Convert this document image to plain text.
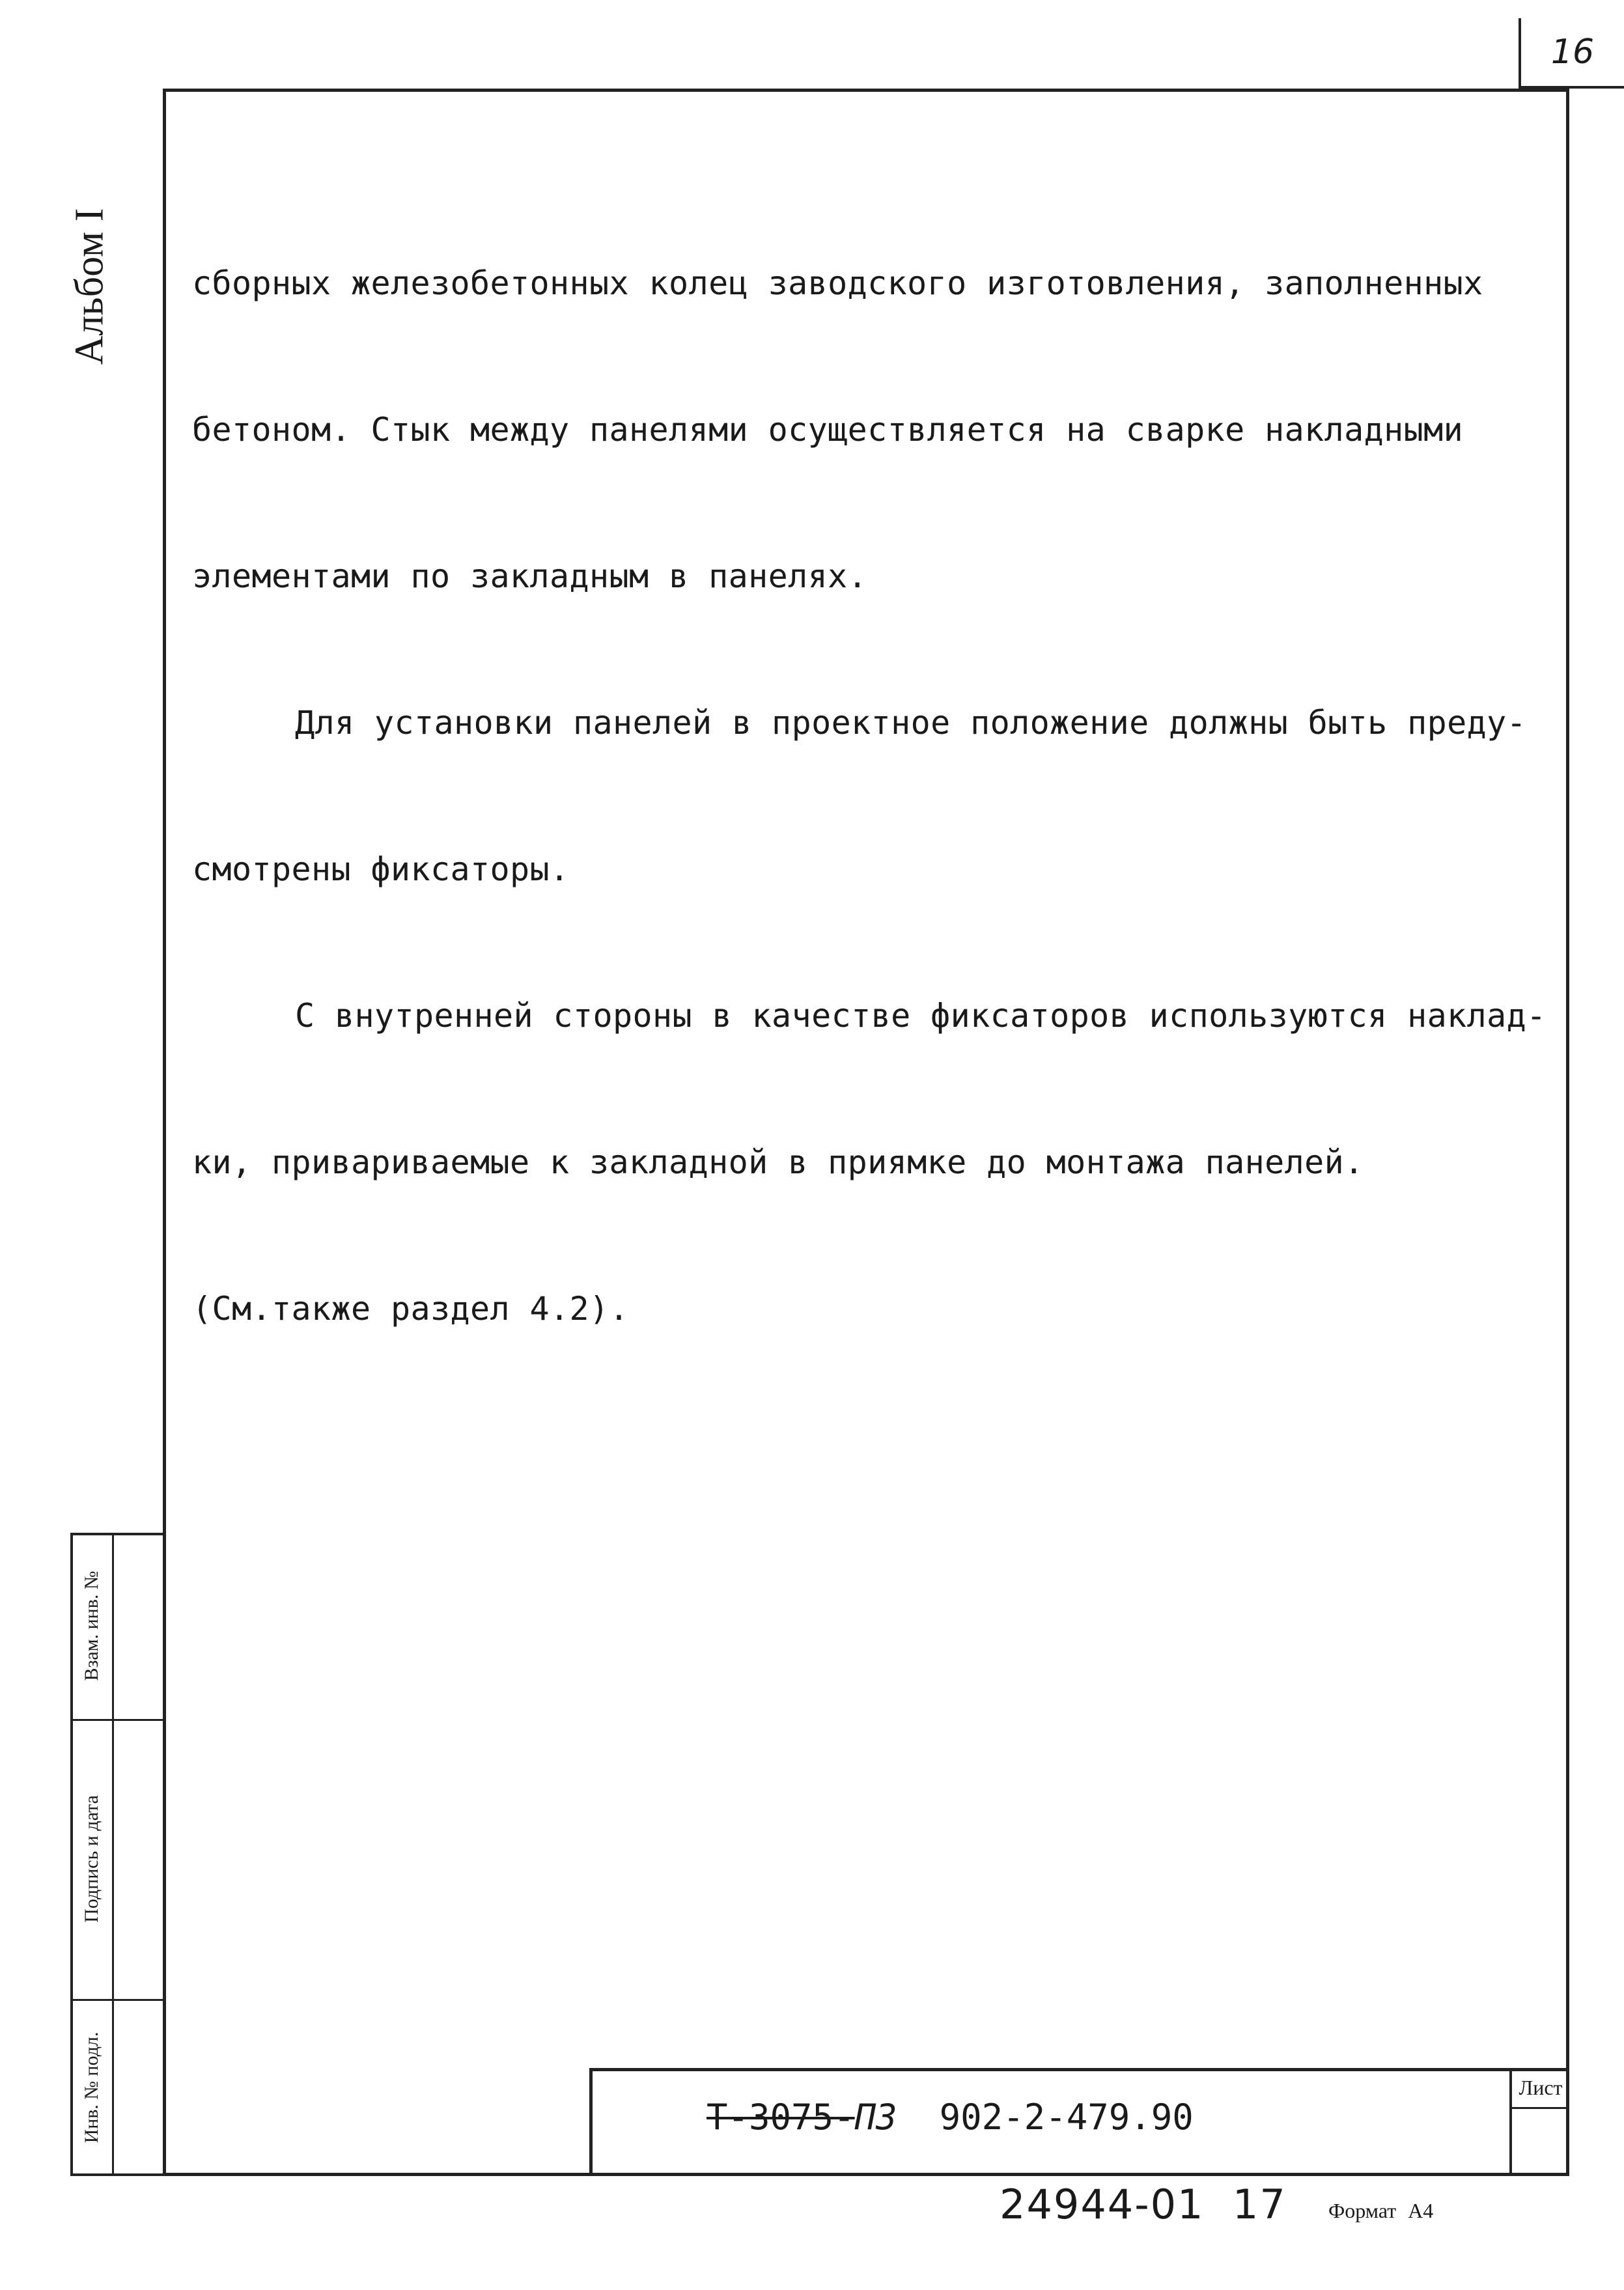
16
Альбом I

сборных железобетонных колец заводского изготовления, заполненных

бетоном. Стык между панелями осуществляется на сварке накладными

элементами по закладным в панелях.

Для установки панелей в проектное положение должны быть преду-

смотрены фиксаторы.

С внутренней стороны в качестве фиксаторов используются наклад-

ки, привариваемые к закладной в приямке до монтажа панелей.

(См.также раздел 4.2).

Взам. инв. №
Подпись и дата
Инв. № подл.	Лист
Т-3075-ПЗ 902-2-479.90
24944-01  17 Формат А4
